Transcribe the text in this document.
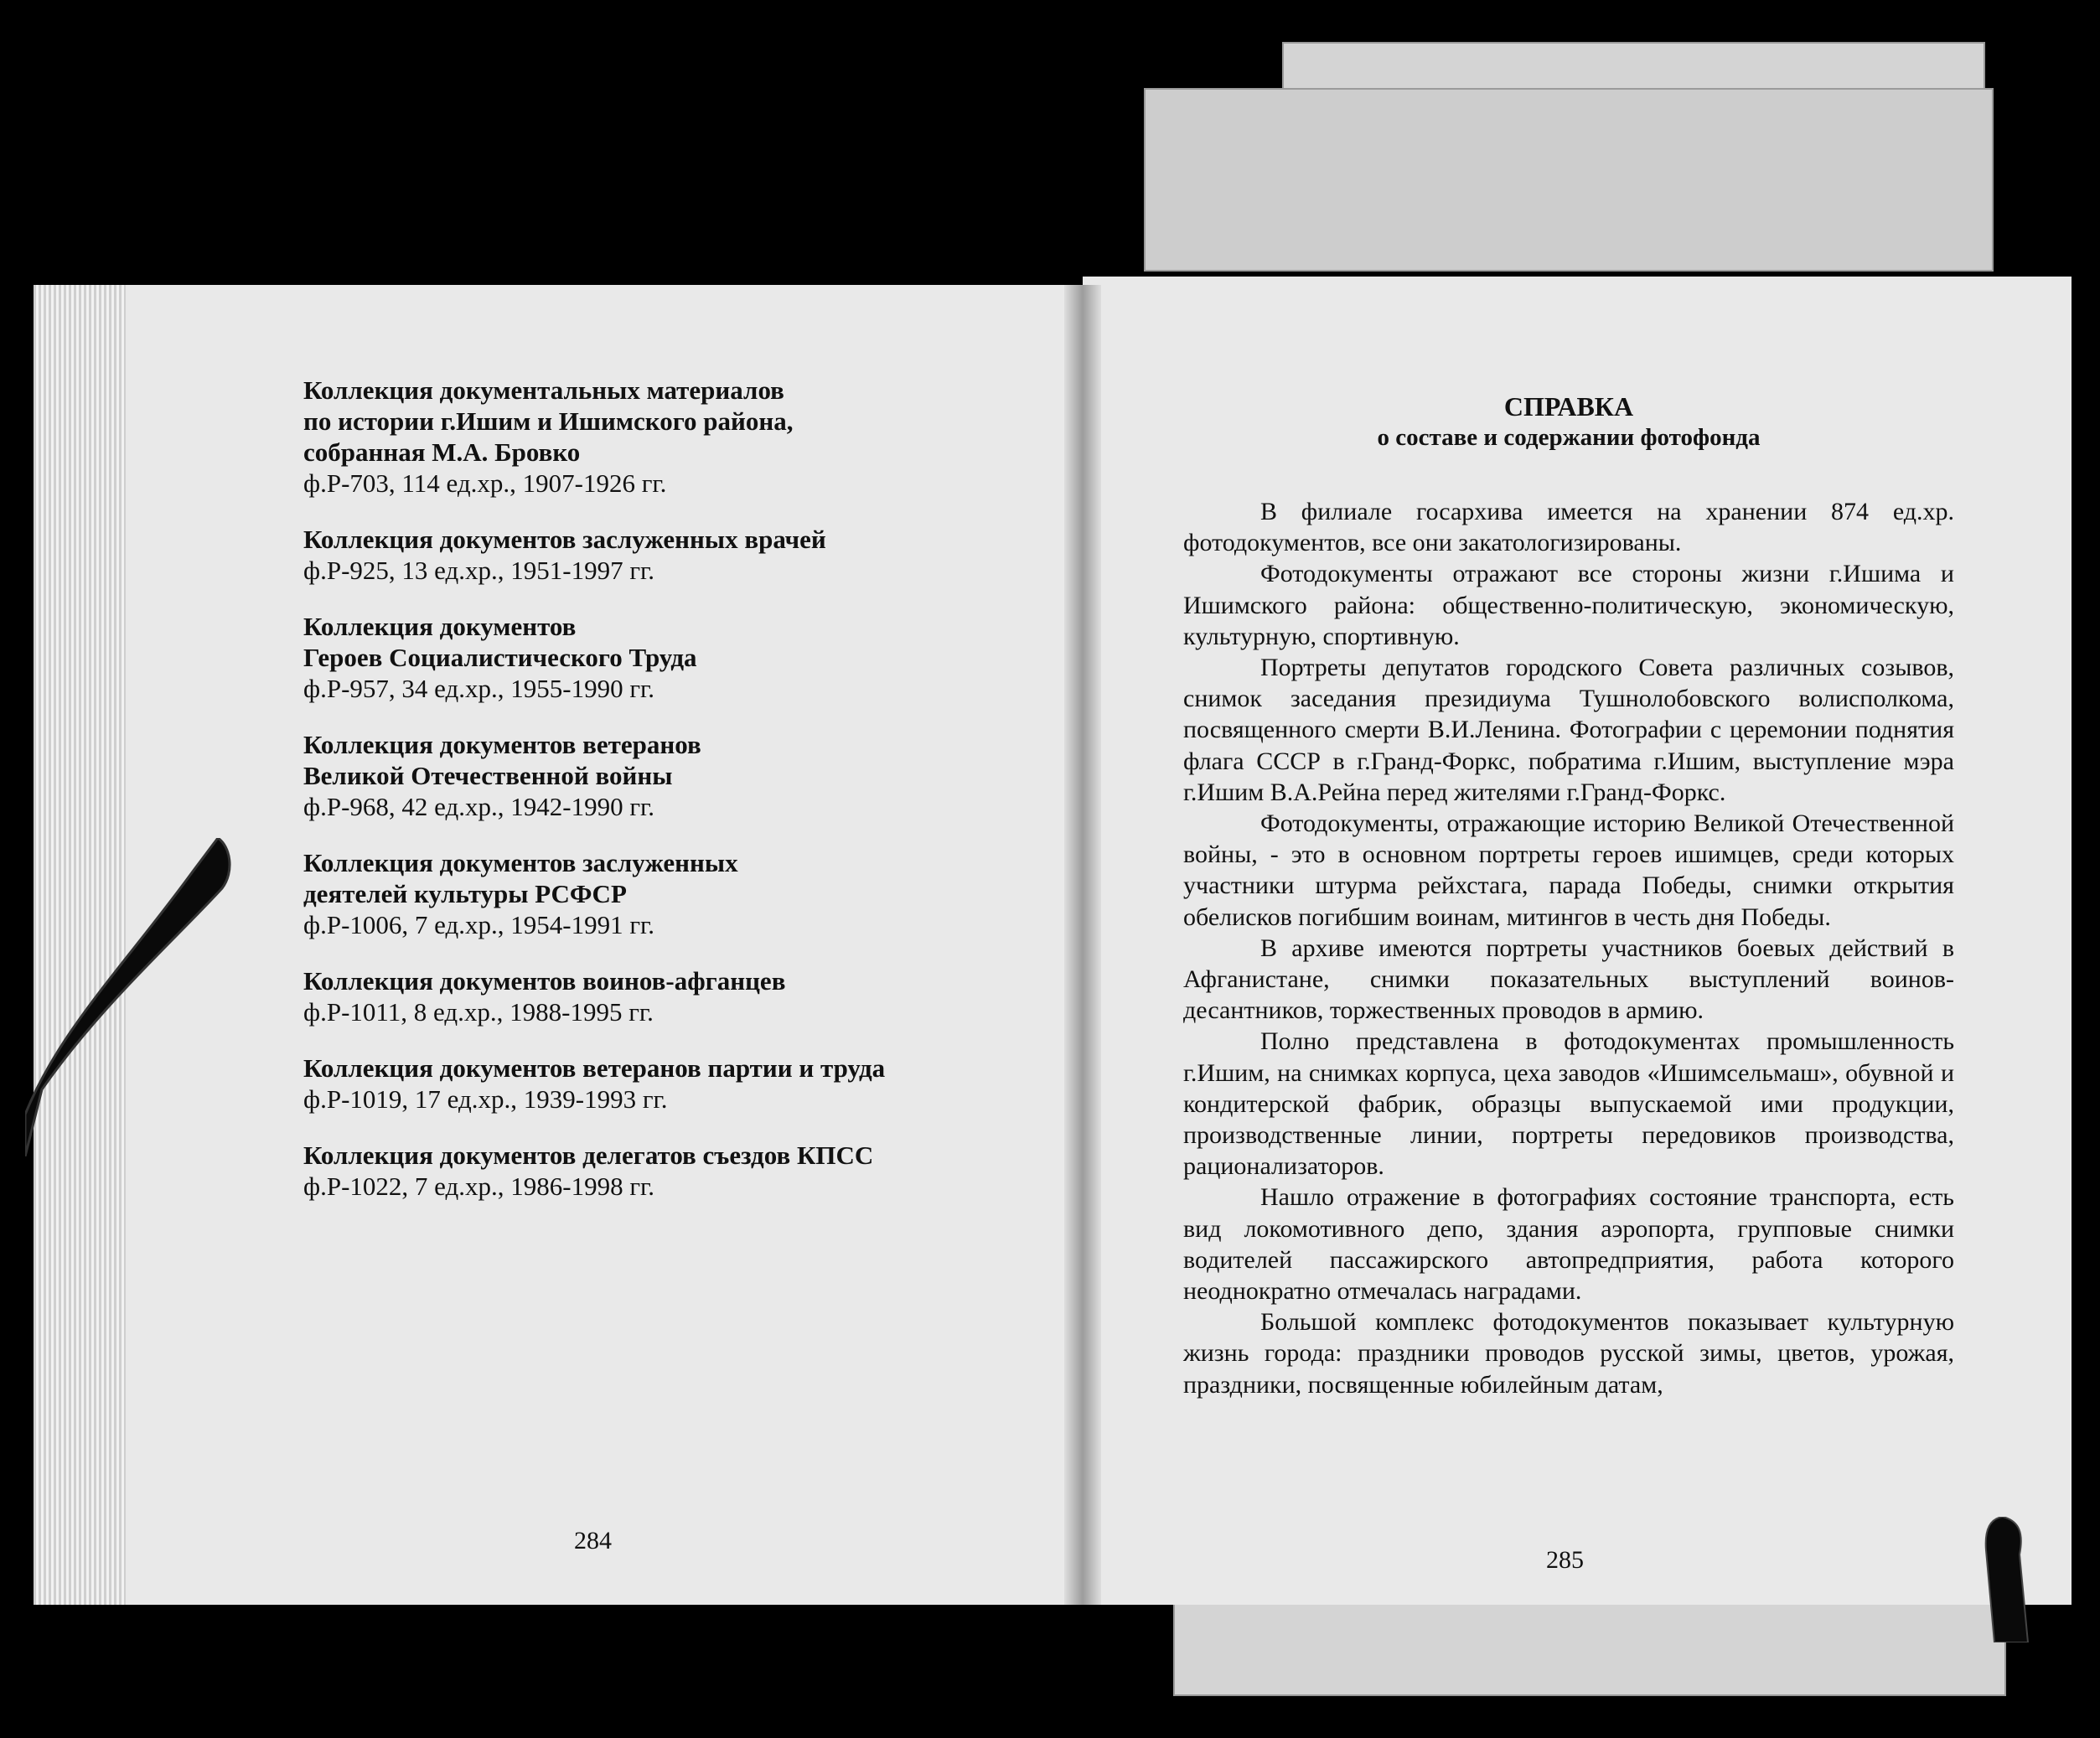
Коллекция документальных материалов
по истории г.Ишим и Ишимского района,
собранная М.А. Бровко
ф.Р-703, 114 ед.хр., 1907-1926 гг.
Коллекция документов заслуженных врачей
ф.Р-925, 13 ед.хр., 1951-1997 гг.
Коллекция документов
Героев Социалистического Труда
ф.Р-957, 34 ед.хр., 1955-1990 гг.
Коллекция документов ветеранов
Великой Отечественной войны
ф.Р-968, 42 ед.хр., 1942-1990 гг.
Коллекция документов заслуженных
деятелей культуры РСФСР
ф.Р-1006, 7 ед.хр., 1954-1991 гг.
Коллекция документов воинов-афганцев
ф.Р-1011, 8 ед.хр., 1988-1995 гг.
Коллекция документов ветеранов партии и труда
ф.Р-1019, 17 ед.хр., 1939-1993 гг.
Коллекция документов делегатов съездов КПСС
ф.Р-1022, 7 ед.хр., 1986-1998 гг.
284
СПРАВКА
о составе и содержании фотофонда

В филиале госархива имеется на хранении 874 ед.хр. фотодокументов, все они закатологизированы.

Фотодокументы отражают все стороны жизни г.Ишима и Ишимского района: общественно-политическую, экономическую, культурную, спортивную.

Портреты депутатов городского Совета различных созывов, снимок заседания президиума Тушнолобовского волисполкома, посвященного смерти В.И.Ленина. Фотографии с церемонии поднятия флага СССР в г.Гранд-Форкс, побратима г.Ишим, выступление мэра г.Ишим В.А.Рейна перед жителями г.Гранд-Форкс.

Фотодокументы, отражающие историю Великой Отечественной войны, - это в основном портреты героев ишимцев, среди которых участники штурма рейхстага, парада Победы, снимки открытия обелисков погибшим воинам, митингов в честь дня Победы.

В архиве имеются портреты участников боевых действий в Афганистане, снимки показательных выступлений воинов-десантников, торжественных проводов в армию.

Полно представлена в фотодокументах промышленность г.Ишим, на снимках корпуса, цеха заводов «Ишимсельмаш», обувной и кондитерской фабрик, образцы выпускаемой ими продукции, производственные линии, портреты передовиков производства, рационализаторов.

Нашло отражение в фотографиях состояние транспорта, есть вид локомотивного депо, здания аэропорта, групповые снимки водителей пассажирского автопредприятия, работа которого неоднократно отмечалась наградами.

Большой комплекс фотодокументов показывает культурную жизнь города: праздники проводов русской зимы, цветов, урожая, праздники, посвященные юбилейным датам,

285
